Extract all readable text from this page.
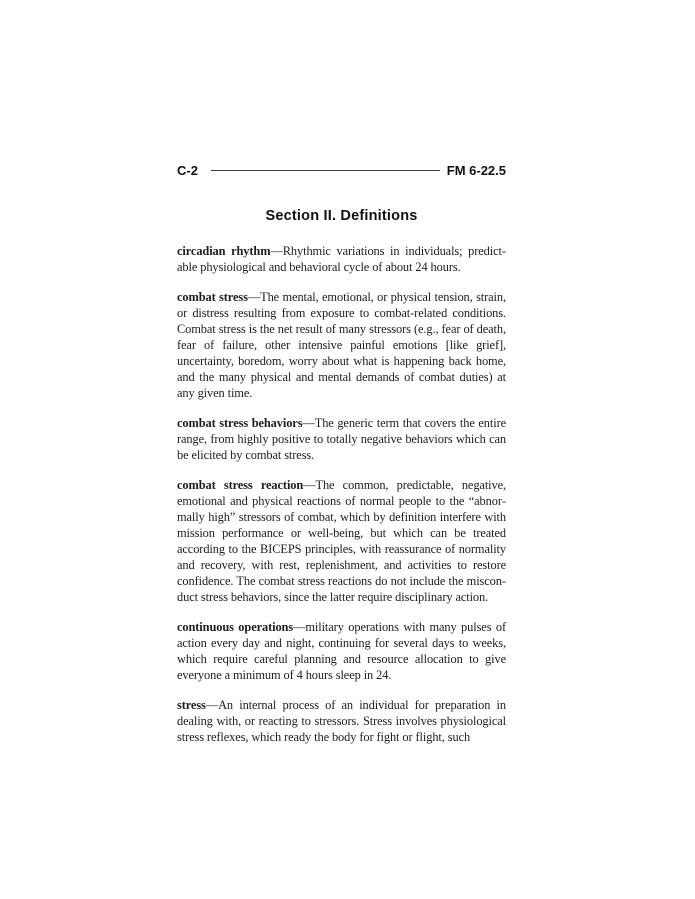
C-2	FM 6-22.5
Section II. Definitions

circadian rhythm—Rhythmic variations in individuals; predictable physiological and behavioral cycle of about 24 hours.

combat stress—The mental, emotional, or physical tension, strain, or distress resulting from exposure to combat-related conditions. Combat stress is the net result of many stressors (e.g., fear of death, fear of failure, other intensive painful emotions [like grief], uncertainty, boredom, worry about what is happening back home, and the many physical and mental demands of combat duties) at any given time.

combat stress behaviors—The generic term that covers the entire range, from highly positive to totally negative behaviors which can be elicited by combat stress.

combat stress reaction—The common, predictable, negative, emotional and physical reactions of normal people to the “abnormally high” stressors of combat, which by definition interfere with mission performance or well-being, but which can be treated according to the BICEPS principles, with reassurance of normality and recovery, with rest, replenishment, and activities to restore confidence. The combat stress reactions do not include the misconduct stress behaviors, since the latter require disciplinary action.

continuous operations—military operations with many pulses of action every day and night, continuing for several days to weeks, which require careful planning and resource allocation to give everyone a minimum of 4 hours sleep in 24.

stress—An internal process of an individual for preparation in dealing with, or reacting to stressors. Stress involves physiological stress reflexes, which ready the body for fight or flight, such
